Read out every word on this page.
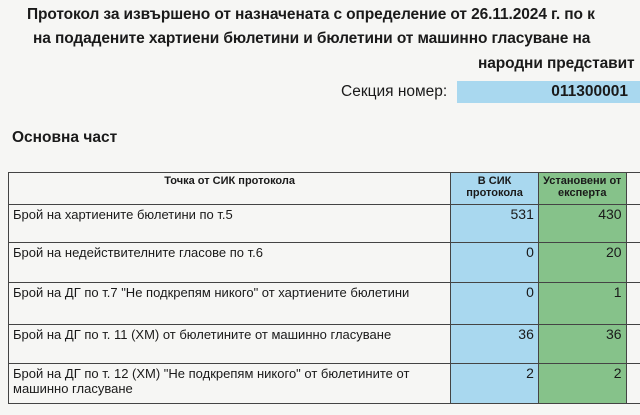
Протокол за извършено от назначената с определение от 26.11.2024 г. по к
на подадените хартиени бюлетини и бюлетини от машинно гласуване на
народни представит
Секция номер:	011300001
Основна част
Точка от СИК протокола	В СИК протокола	Установени от експерта	
Брой на хартиените бюлетини по т.5	531	430	
Брой на недействителните гласове по т.6	0	20	
Брой на ДГ по т.7 "Не подкрепям никого" от хартиените бюлетини	0	1	
Брой на ДГ по т. 11 (ХМ) от бюлетините от машинно гласуване	36	36	
Брой на ДГ по т. 12 (ХМ) "Не подкрепям никого" от бюлетините от машинно гласуване	2	2	
